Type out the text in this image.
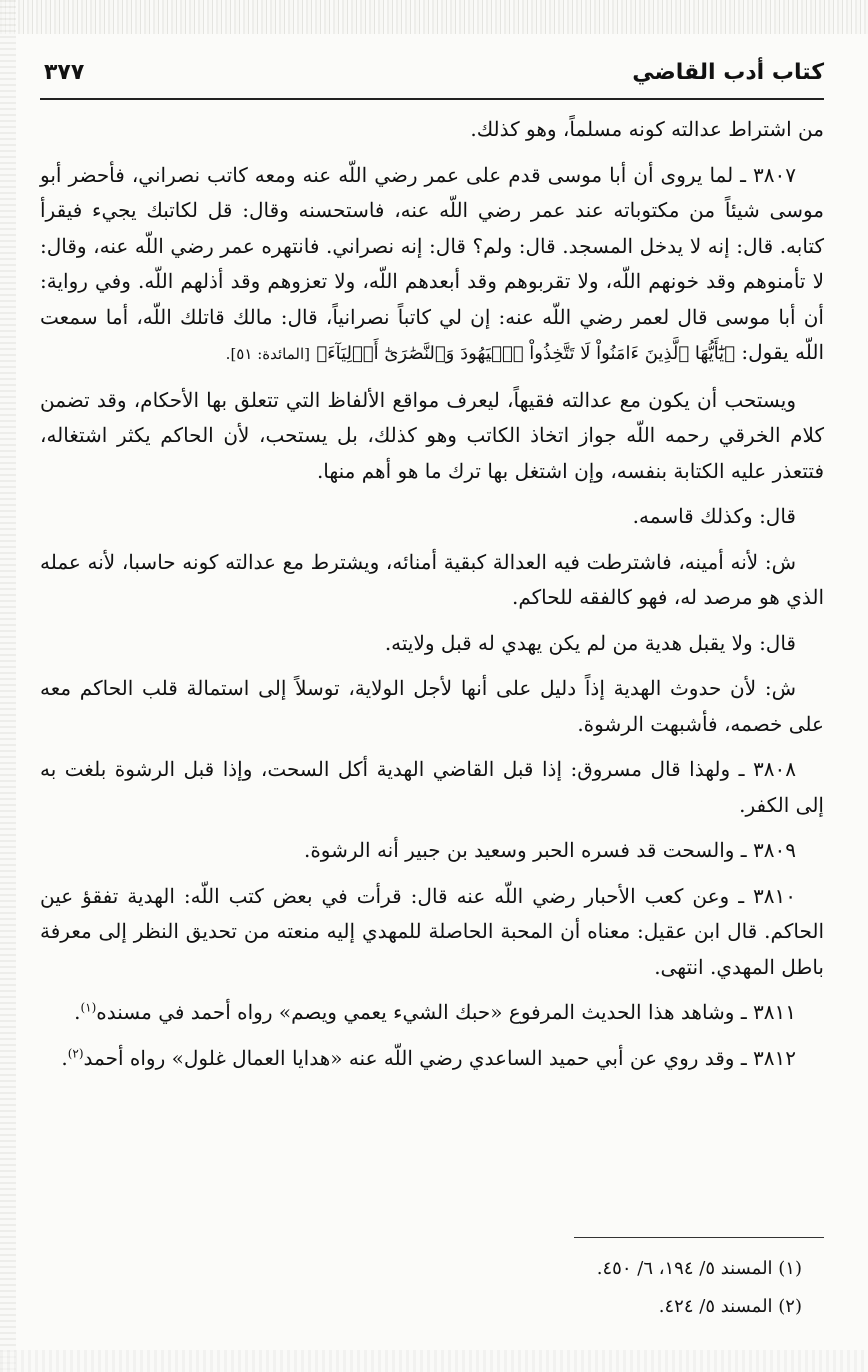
كتاب أدب القاضي
٣٧٧

من اشتراط عدالته كونه مسلماً، وهو كذلك.

٣٨٠٧ ـ لما يروى أن أبا موسى قدم على عمر رضي اللّه عنه ومعه كاتب نصراني، فأحضر أبو موسى شيئاً من مكتوباته عند عمر رضي اللّه عنه، فاستحسنه وقال: قل لكاتبك يجيء فيقرأ كتابه. قال: إنه لا يدخل المسجد. قال: ولم؟ قال: إنه نصراني. فانتهره عمر رضي اللّه عنه، وقال: لا تأمنوهم وقد خونهم اللّه، ولا تقربوهم وقد أبعدهم اللّه، ولا تعزوهم وقد أذلهم اللّه. وفي رواية: أن أبا موسى قال لعمر رضي اللّه عنه: إن لي كاتباً نصرانياً، قال: مالك قاتلك اللّه، أما سمعت اللّه يقول: ﴿يَٰٓأَيُّهَا ٱلَّذِينَ ءَامَنُواْ لَا تَتَّخِذُواْ ٱلۡيَهُودَ وَٱلنَّصَٰرَىٰٓ أَوۡلِيَآءَ﴾ [المائدة: ٥١].

ويستحب أن يكون مع عدالته فقيهاً، ليعرف مواقع الألفاظ التي تتعلق بها الأحكام، وقد تضمن كلام الخرقي رحمه اللّه جواز اتخاذ الكاتب وهو كذلك، بل يستحب، لأن الحاكم يكثر اشتغاله، فتتعذر عليه الكتابة بنفسه، وإن اشتغل بها ترك ما هو أهم منها.

قال: وكذلك قاسمه.

ش: لأنه أمينه، فاشترطت فيه العدالة كبقية أمنائه، ويشترط مع عدالته كونه حاسبا، لأنه عمله الذي هو مرصد له، فهو كالفقه للحاكم.

قال: ولا يقبل هدية من لم يكن يهدي له قبل ولايته.

ش: لأن حدوث الهدية إذاً دليل على أنها لأجل الولاية، توسلاً إلى استمالة قلب الحاكم معه على خصمه، فأشبهت الرشوة.

٣٨٠٨ ـ ولهذا قال مسروق: إذا قبل القاضي الهدية أكل السحت، وإذا قبل الرشوة بلغت به إلى الكفر.

٣٨٠٩ ـ والسحت قد فسره الحبر وسعيد بن جبير أنه الرشوة.

٣٨١٠ ـ وعن كعب الأحبار رضي اللّه عنه قال: قرأت في بعض كتب اللّه: الهدية تفقؤ عين الحاكم. قال ابن عقيل: معناه أن المحبة الحاصلة للمهدي إليه منعته من تحديق النظر إلى معرفة باطل المهدي. انتهى.

٣٨١١ ـ وشاهد هذا الحديث المرفوع «حبك الشيء يعمي ويصم» رواه أحمد في مسنده$^{(١)}$.

٣٨١٢ ـ وقد روي عن أبي حميد الساعدي رضي اللّه عنه «هدايا العمال غلول» رواه أحمد$^{(٢)}$.

(١) المسند ٥/ ١٩٤، ٦/ ٤٥٠.
(٢) المسند ٥/ ٤٢٤.
